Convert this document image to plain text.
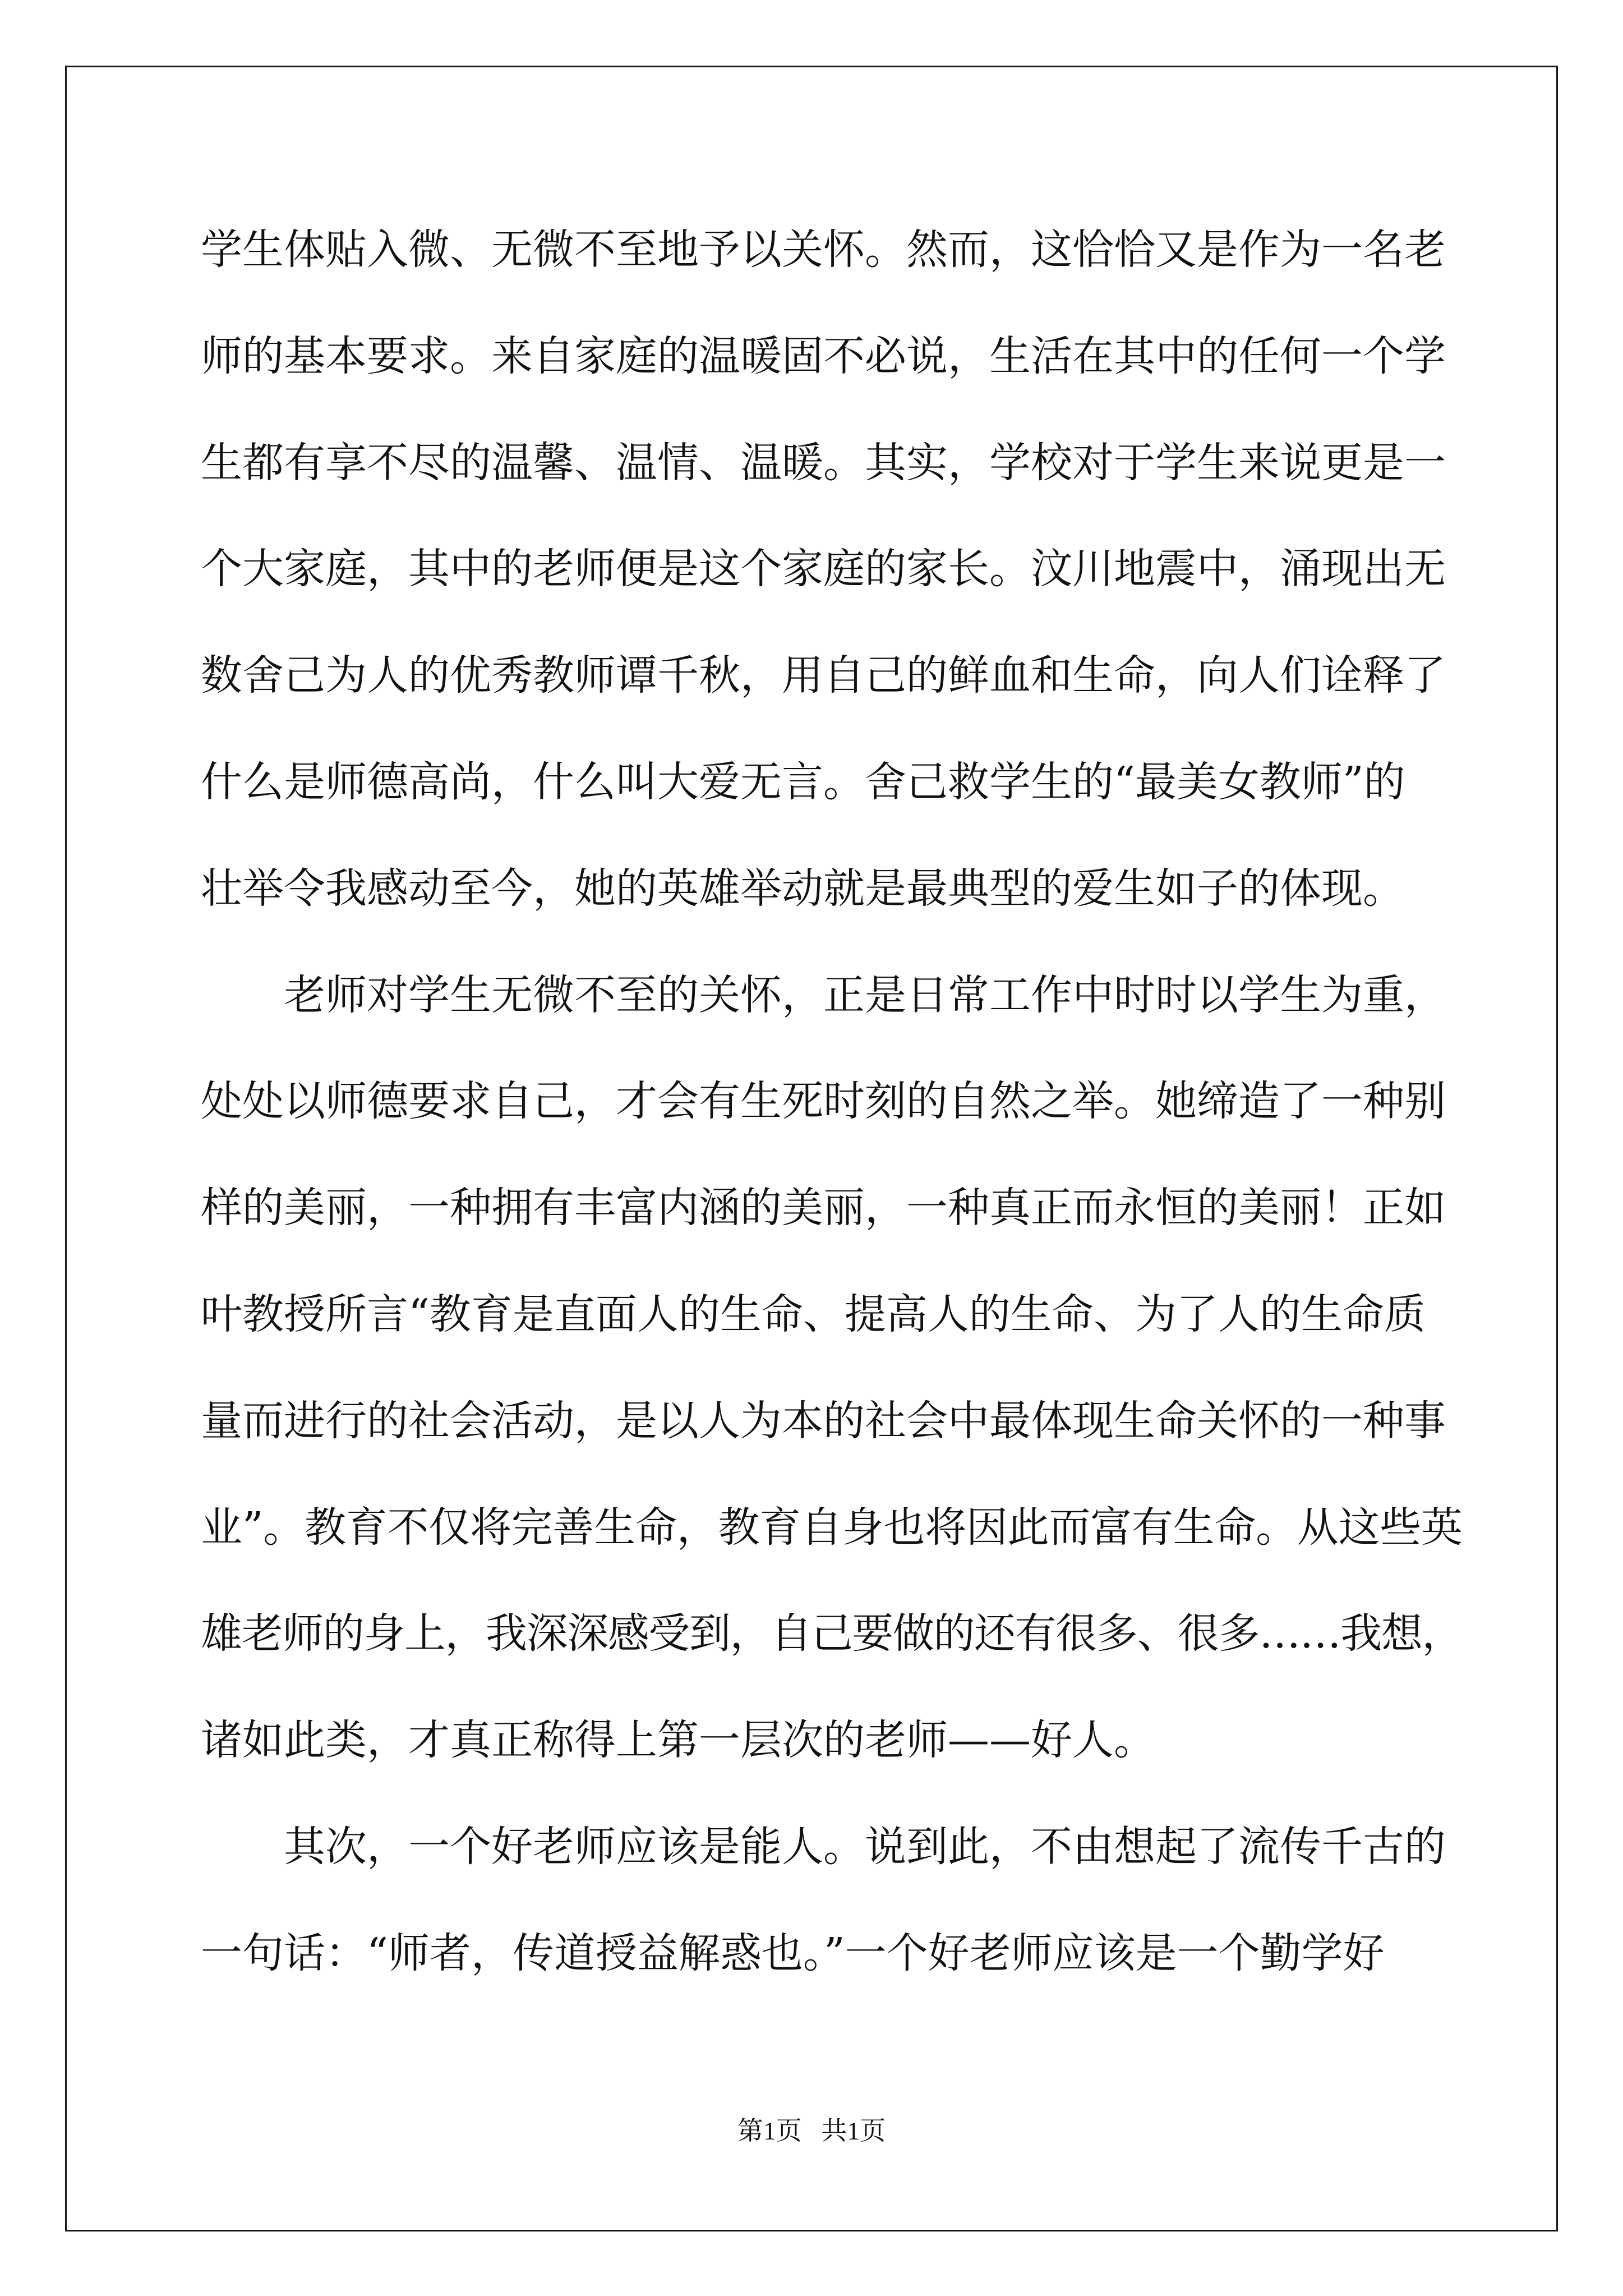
学生体贴入微、无微不至地予以关怀。然而，这恰恰又是作为一名老
师的基本要求。来自家庭的温暖固不必说，生活在其中的任何一个学
生都有享不尽的温馨、温情、温暖。其实，学校对于学生来说更是一
个大家庭，其中的老师便是这个家庭的家长。汶川地震中，涌现出无
数舍己为人的优秀教师谭千秋，用自己的鲜血和生命，向人们诠释了
什么是师德高尚，什么叫大爱无言。舍己救学生的“最美女教师”的
壮举令我感动至今，她的英雄举动就是最典型的爱生如子的体现。
老师对学生无微不至的关怀，正是日常工作中时时以学生为重，
处处以师德要求自己，才会有生死时刻的自然之举。她缔造了一种别
样的美丽，一种拥有丰富内涵的美丽，一种真正而永恒的美丽！正如
叶教授所言“教育是直面人的生命、提高人的生命、为了人的生命质
量而进行的社会活动，是以人为本的社会中最体现生命关怀的一种事
业”。教育不仅将完善生命，教育自身也将因此而富有生命。从这些英
雄老师的身上，我深深感受到，自己要做的还有很多、很多……我想，
诸如此类，才真正称得上第一层次的老师——好人。
其次，一个好老师应该是能人。说到此，不由想起了流传千古的
一句话：“师者，传道授益解惑也。”一个好老师应该是一个勤学好
第1页   共1页
